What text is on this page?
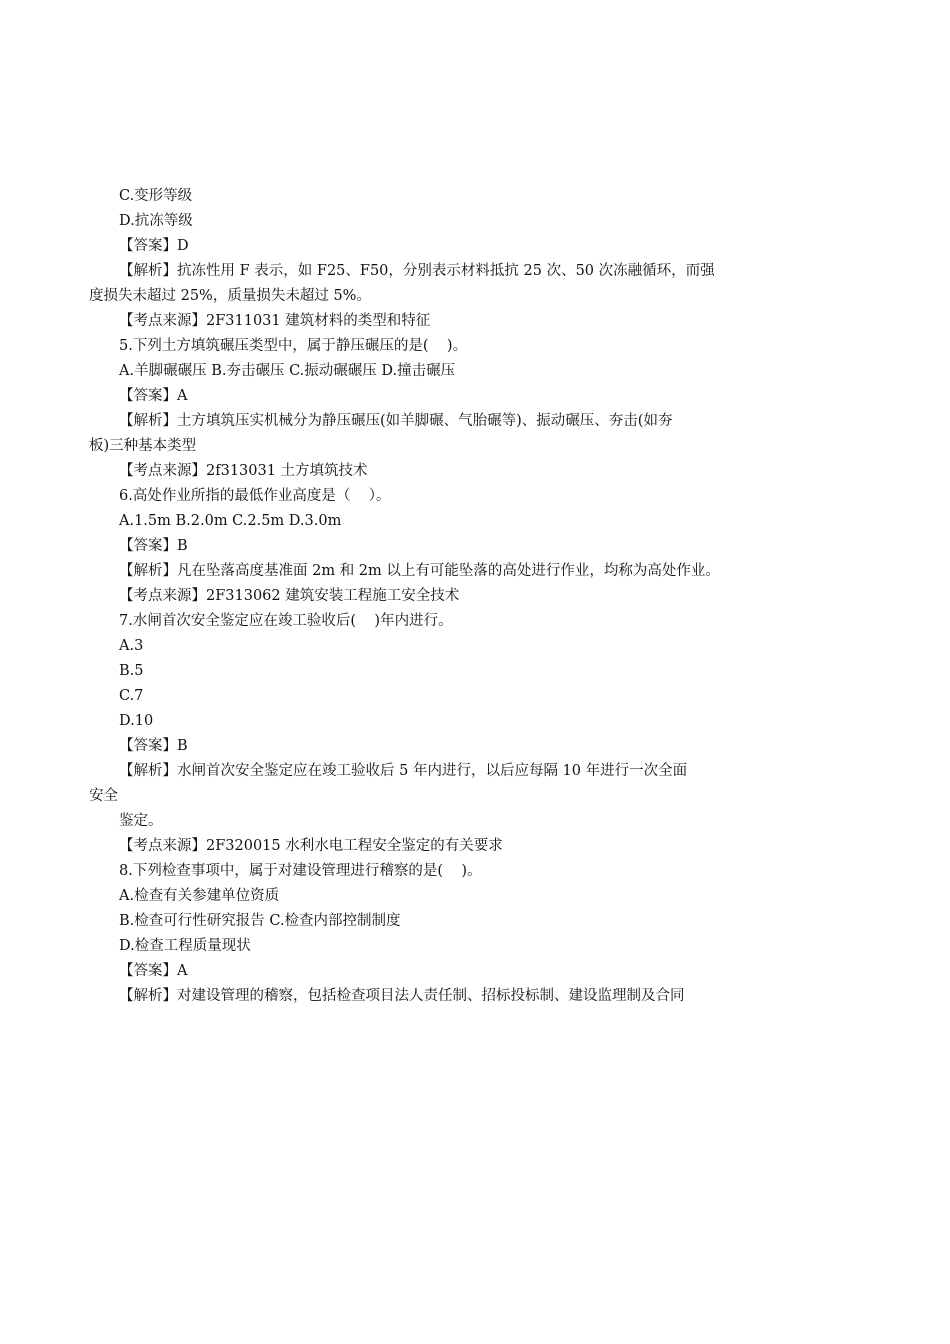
C.变形等级
D.抗冻等级
【答案】D
【解析】抗冻性用 F 表示，如 F25、F50，分别表示材料抵抗 25 次、50 次冻融循环，而强
度损失未超过 25%，质量损失未超过 5%。
【考点来源】2F311031 建筑材料的类型和特征
5.下列土方填筑碾压类型中，属于静压碾压的是(    )。
A.羊脚碾碾压 B.夯击碾压 C.振动碾碾压 D.撞击碾压
【答案】A
【解析】土方填筑压实机械分为静压碾压(如羊脚碾、气胎碾等)、振动碾压、夯击(如夯
板)三种基本类型
【考点来源】2f313031 土方填筑技术
6.高处作业所指的最低作业高度是（    ）。
A.1.5m B.2.0m C.2.5m D.3.0m
【答案】B
【解析】凡在坠落高度基准面 2m 和 2m 以上有可能坠落的高处进行作业，均称为高处作业。
【考点来源】2F313062 建筑安装工程施工安全技术
7.水闸首次安全鉴定应在竣工验收后(    )年内进行。
A.3
B.5
C.7
D.10
【答案】B
【解析】水闸首次安全鉴定应在竣工验收后 5 年内进行，以后应每隔 10 年进行一次全面
安全
鉴定。
【考点来源】2F320015 水利水电工程安全鉴定的有关要求
8.下列检查事项中，属于对建设管理进行稽察的是(    )。
A.检查有关参建单位资质
B.检查可行性研究报告 C.检查内部控制制度
D.检查工程质量现状
【答案】A
【解析】对建设管理的稽察，包括检查项目法人责任制、招标投标制、建设监理制及合同
